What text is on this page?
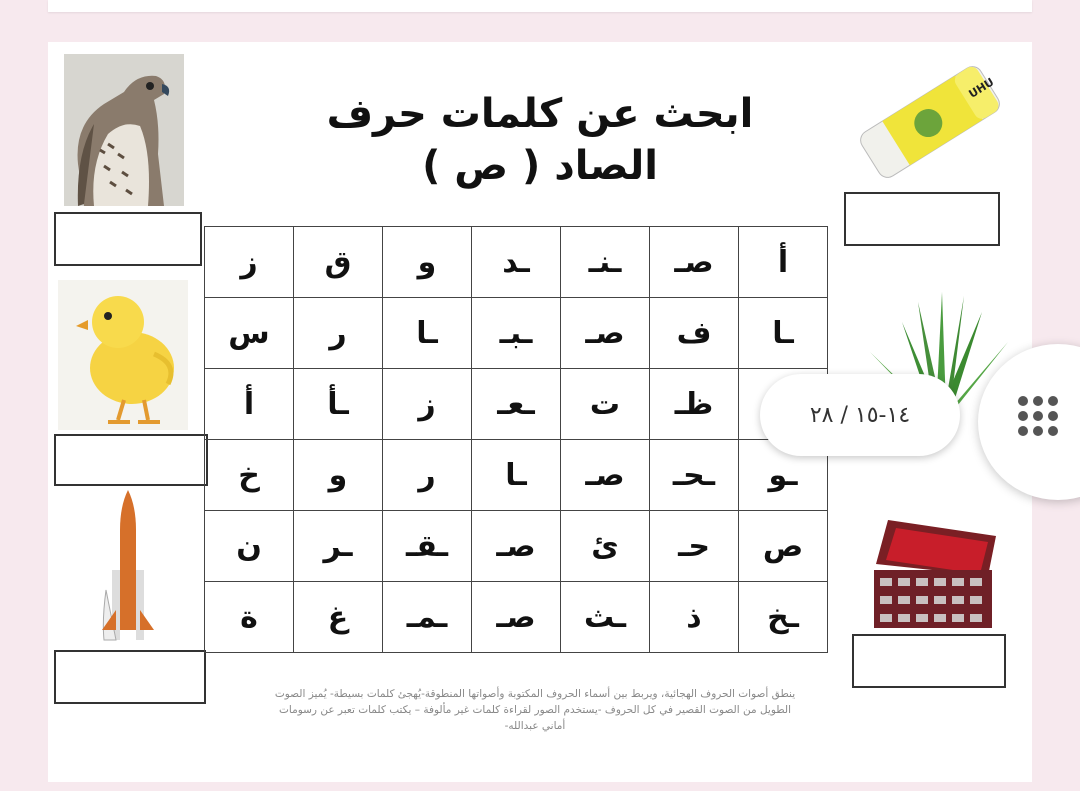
ابحث عن كلمات حرف
الصاد ( ص )
UHU
أ	صـ	ـنـ	ـد	و	ق	ز
ـا	ف	صـ	ـبـ	ـا	ر	س
	ظـ	ت	ـعـ	ز	ـأ	أ
ـو	ـحـ	صـ	ـا	ر	و	خ
ص	حـ	ئ	صـ	ـقـ	ـر	ن
ـخ	ذ	ـث	صـ	ـمـ	غ	ة
ينطق أصوات الحروف الهجائية، ويربط بين أسماء الحروف المكتوبة وأصواتها المنطوقة-يُهجئ كلمات بسيطة- يُميز الصوت
الطويل من الصوت القصير في كل الحروف -يستخدم الصور لقراءة كلمات غير مألوفة – يكتب كلمات تعبر عن رسومات
أماني عبدالله-
١٤-١٥ / ٢٨
